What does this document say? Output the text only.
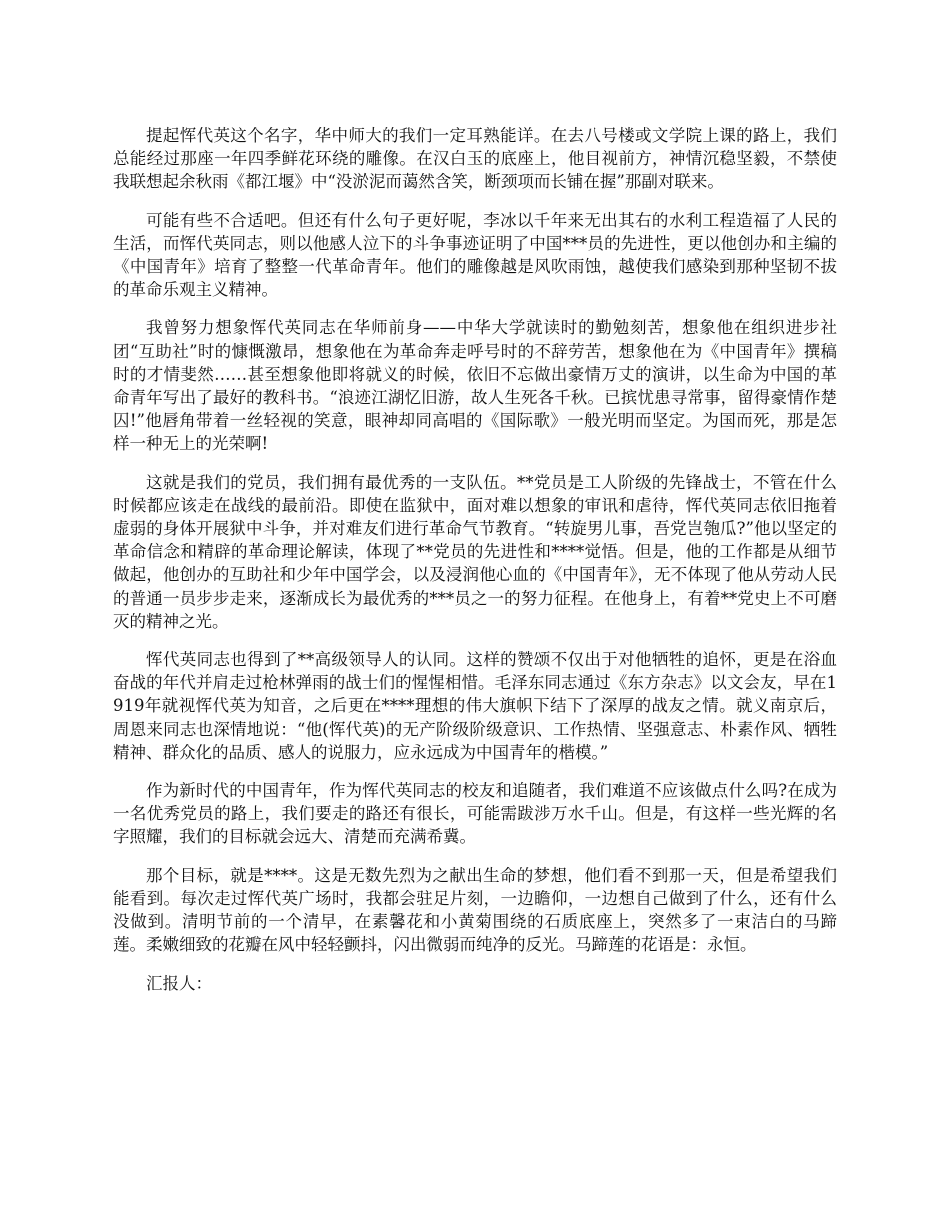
提起恽代英这个名字，华中师大的我们一定耳熟能详。在去八号楼或文学院上课的路上，我们总能经过那座一年四季鲜花环绕的雕像。在汉白玉的底座上，他目视前方，神情沉稳坚毅，不禁使我联想起余秋雨《都江堰》中“没淤泥而蔼然含笑，断颈项而长铺在握”那副对联来。

可能有些不合适吧。但还有什么句子更好呢，李冰以千年来无出其右的水利工程造福了人民的生活，而恽代英同志，则以他感人泣下的斗争事迹证明了中国***员的先进性，更以他创办和主编的《中国青年》培育了整整一代革命青年。他们的雕像越是风吹雨蚀，越使我们感染到那种坚韧不拔的革命乐观主义精神。

我曾努力想象恽代英同志在华师前身——中华大学就读时的勤勉刻苦，想象他在组织进步社团“互助社”时的慷慨激昂，想象他在为革命奔走呼号时的不辞劳苦，想象他在为《中国青年》撰稿时的才情斐然……甚至想象他即将就义的时候，依旧不忘做出豪情万丈的演讲，以生命为中国的革命青年写出了最好的教科书。“浪迹江湖忆旧游，故人生死各千秋。已摈忧患寻常事，留得豪情作楚囚!”他唇角带着一丝轻视的笑意，眼神却同高唱的《国际歌》一般光明而坚定。为国而死，那是怎样一种无上的光荣啊!

这就是我们的党员，我们拥有最优秀的一支队伍。**党员是工人阶级的先锋战士，不管在什么时候都应该走在战线的最前沿。即使在监狱中，面对难以想象的审讯和虐待，恽代英同志依旧拖着虚弱的身体开展狱中斗争，并对难友们进行革命气节教育。“转旋男儿事，吾党岂匏瓜?”他以坚定的革命信念和精辟的革命理论解读，体现了**党员的先进性和****觉悟。但是，他的工作都是从细节做起，他创办的互助社和少年中国学会，以及浸润他心血的《中国青年》，无不体现了他从劳动人民的普通一员步步走来，逐渐成长为最优秀的***员之一的努力征程。在他身上，有着**党史上不可磨灭的精神之光。

恽代英同志也得到了**高级领导人的认同。这样的赞颂不仅出于对他牺牲的追怀，更是在浴血奋战的年代并肩走过枪林弹雨的战士们的惺惺相惜。毛泽东同志通过《东方杂志》以文会友，早在1919年就视恽代英为知音，之后更在****理想的伟大旗帜下结下了深厚的战友之情。就义南京后，周恩来同志也深情地说：“他(恽代英)的无产阶级阶级意识、工作热情、坚强意志、朴素作风、牺牲精神、群众化的品质、感人的说服力，应永远成为中国青年的楷模。”

作为新时代的中国青年，作为恽代英同志的校友和追随者，我们难道不应该做点什么吗?在成为一名优秀党员的路上，我们要走的路还有很长，可能需跋涉万水千山。但是，有这样一些光辉的名字照耀，我们的目标就会远大、清楚而充满希冀。

那个目标，就是****。这是无数先烈为之献出生命的梦想，他们看不到那一天，但是希望我们能看到。每次走过恽代英广场时，我都会驻足片刻，一边瞻仰，一边想自己做到了什么，还有什么没做到。清明节前的一个清早，在素馨花和小黄菊围绕的石质底座上，突然多了一束洁白的马蹄莲。柔嫩细致的花瓣在风中轻轻颤抖，闪出微弱而纯净的反光。马蹄莲的花语是：永恒。

汇报人：
